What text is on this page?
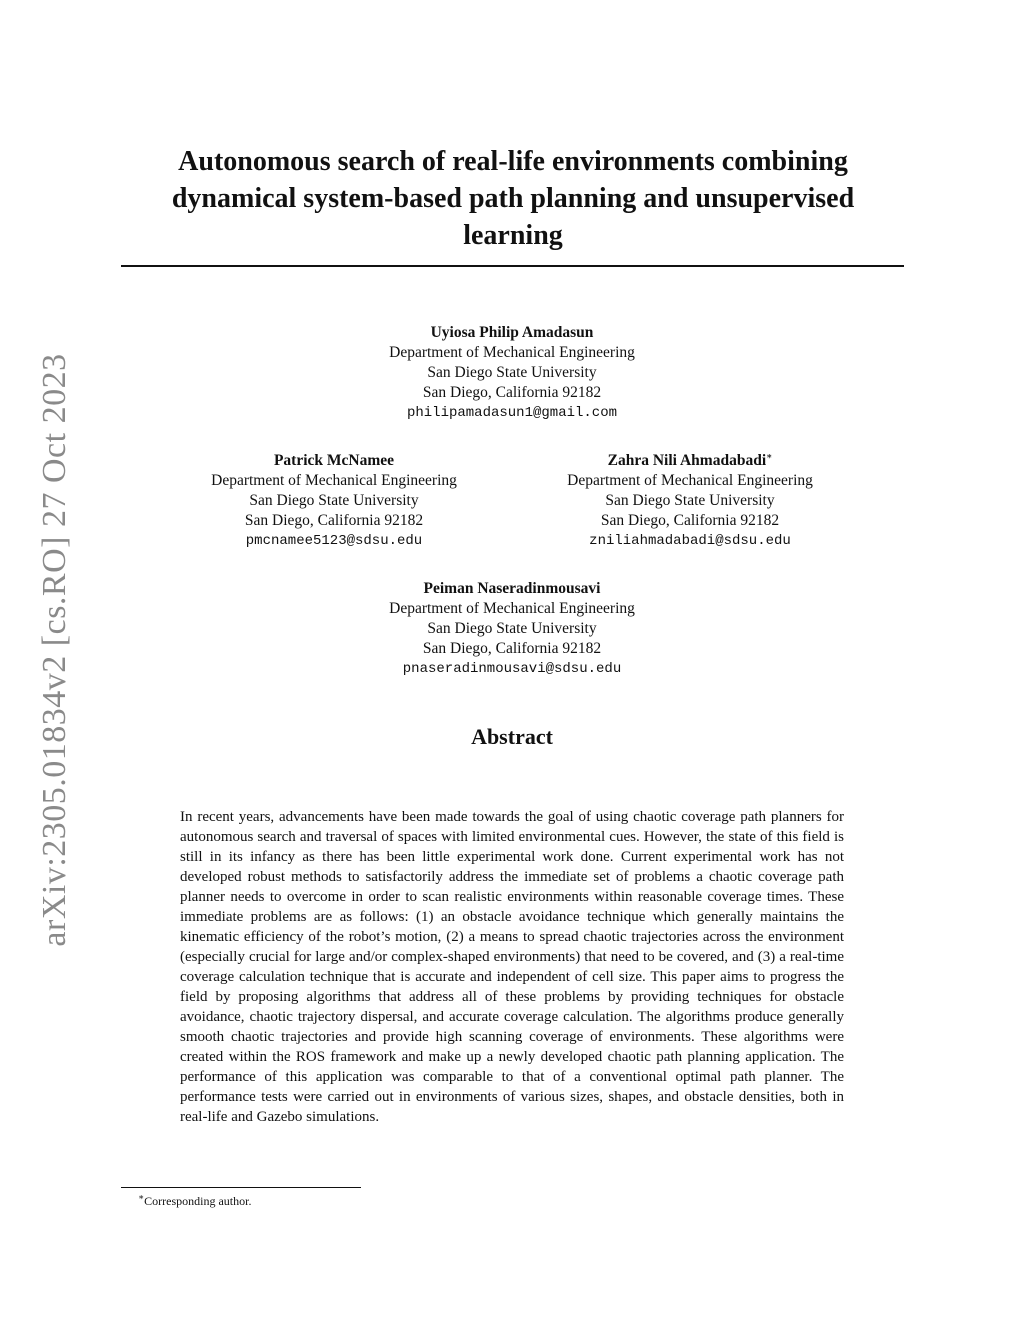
arXiv:2305.01834v2 [cs.RO] 27 Oct 2023
Autonomous search of real-life environments combining dynamical system-based path planning and unsupervised learning
Uyiosa Philip Amadasun
Department of Mechanical Engineering
San Diego State University
San Diego, California 92182
philipamadasun1@gmail.com
Patrick McNamee
Department of Mechanical Engineering
San Diego State University
San Diego, California 92182
pmcnamee5123@sdsu.edu
Zahra Nili Ahmadabadi∗
Department of Mechanical Engineering
San Diego State University
San Diego, California 92182
zniliahmadabadi@sdsu.edu
Peiman Naseradinmousavi
Department of Mechanical Engineering
San Diego State University
San Diego, California 92182
pnaseradinmousavi@sdsu.edu
Abstract

In recent years, advancements have been made towards the goal of using chaotic coverage path planners for autonomous search and traversal of spaces with limited environmental cues. However, the state of this field is still in its infancy as there has been little experimental work done. Current experimental work has not developed robust methods to satisfactorily address the immediate set of problems a chaotic coverage path planner needs to overcome in order to scan realistic environments within reasonable coverage times. These immediate problems are as follows: (1) an obstacle avoidance technique which generally maintains the kinematic efficiency of the robot’s motion, (2) a means to spread chaotic trajectories across the environment (especially crucial for large and/or complex-shaped environments) that need to be covered, and (3) a real-time coverage calculation technique that is accurate and independent of cell size. This paper aims to progress the field by proposing algorithms that address all of these problems by providing techniques for obstacle avoidance, chaotic trajectory dispersal, and accurate coverage calculation. The algorithms produce generally smooth chaotic trajectories and provide high scanning coverage of environments. These algorithms were created within the ROS framework and make up a newly developed chaotic path planning application. The performance of this application was comparable to that of a conventional optimal path planner. The performance tests were carried out in environments of various sizes, shapes, and obstacle densities, both in real-life and Gazebo simulations.

∗Corresponding author.
